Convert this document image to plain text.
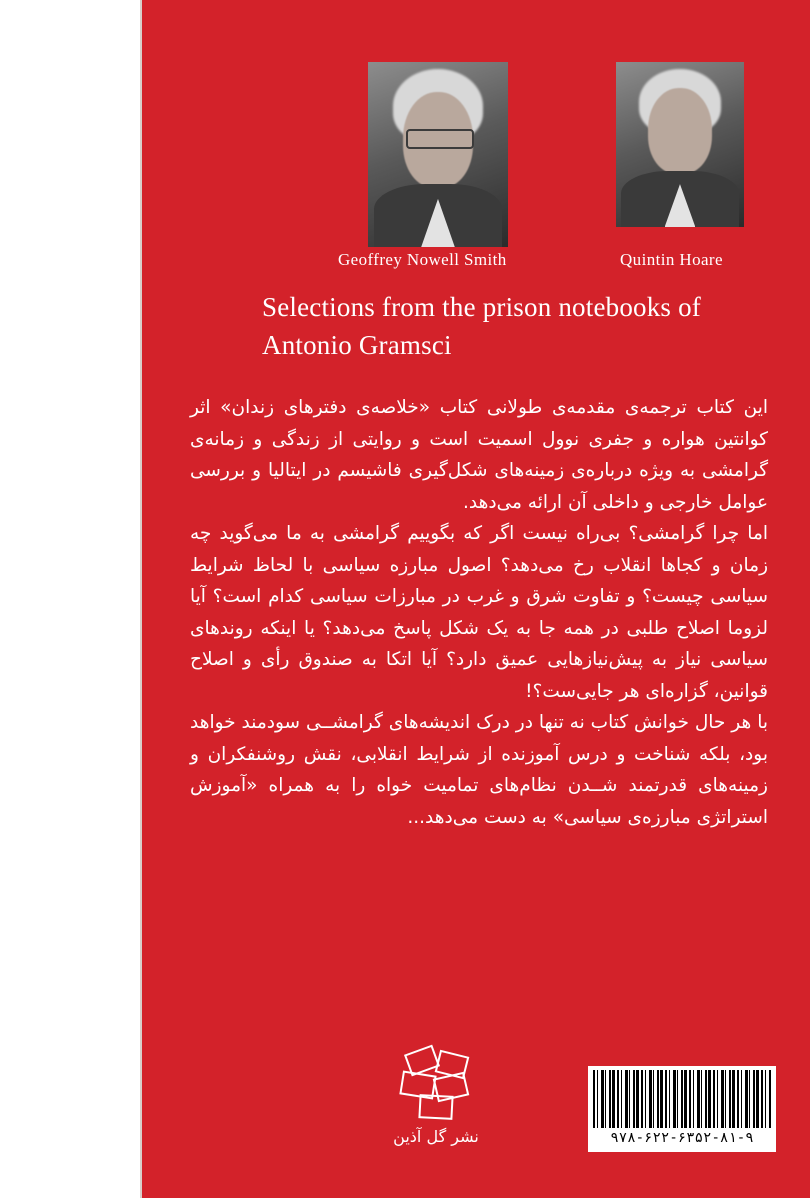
Geoffrey Nowell Smith	Quintin Hoare
Selections from the prison notebooks of Antonio Gramsci

این کتاب ترجمه‌ی مقدمه‌ی طولانی کتاب «خلاصه‌ی دفترهای زندان» اثر کوانتین هواره و جفری نوول اسمیت است و روایتی از زندگی و زمانه‌ی گرامشی به ویژه درباره‌ی زمینه‌های شکل‌گیری فاشیسم در ایتالیا و بررسی عوامل خارجی و داخلی آن ارائه می‌دهد.

اما چرا گرامشی؟ بی‌راه نیست اگر که بگوییم گرامشی به ما می‌گوید چه زمان و کجاها انقلاب رخ می‌دهد؟ اصول مبارزه سیاسی با لحاظ شرایط سیاسی چیست؟ و تفاوت شرق و غرب در مبارزات سیاسی کدام است؟ آیا لزوما اصلاح طلبی در همه جا به یک شکل پاسخ می‌دهد؟ یا اینکه روندهای سیاسی نیاز به پیش‌نیازهایی عمیق دارد؟ آیا اتکا به صندوق رأی و اصلاح قوانین، گزاره‌ای هر جایی‌ست؟!

با هر حال خوانش کتاب نه تنها در درک اندیشه‌های گرامشــی سودمند خواهد بود، بلکه شناخت و درس آموزنده از شرایط انقلابی، نقش روشنفکران و زمینه‌های قدرتمند شــدن نظام‌های تمامیت خواه را به همراه «آموزش استراتژی مبارزه‌ی سیاسی» به دست می‌دهد...

نشر گل آذین	۹۷۸-۶۲۲-۶۳۵۲-۸۱-۹
